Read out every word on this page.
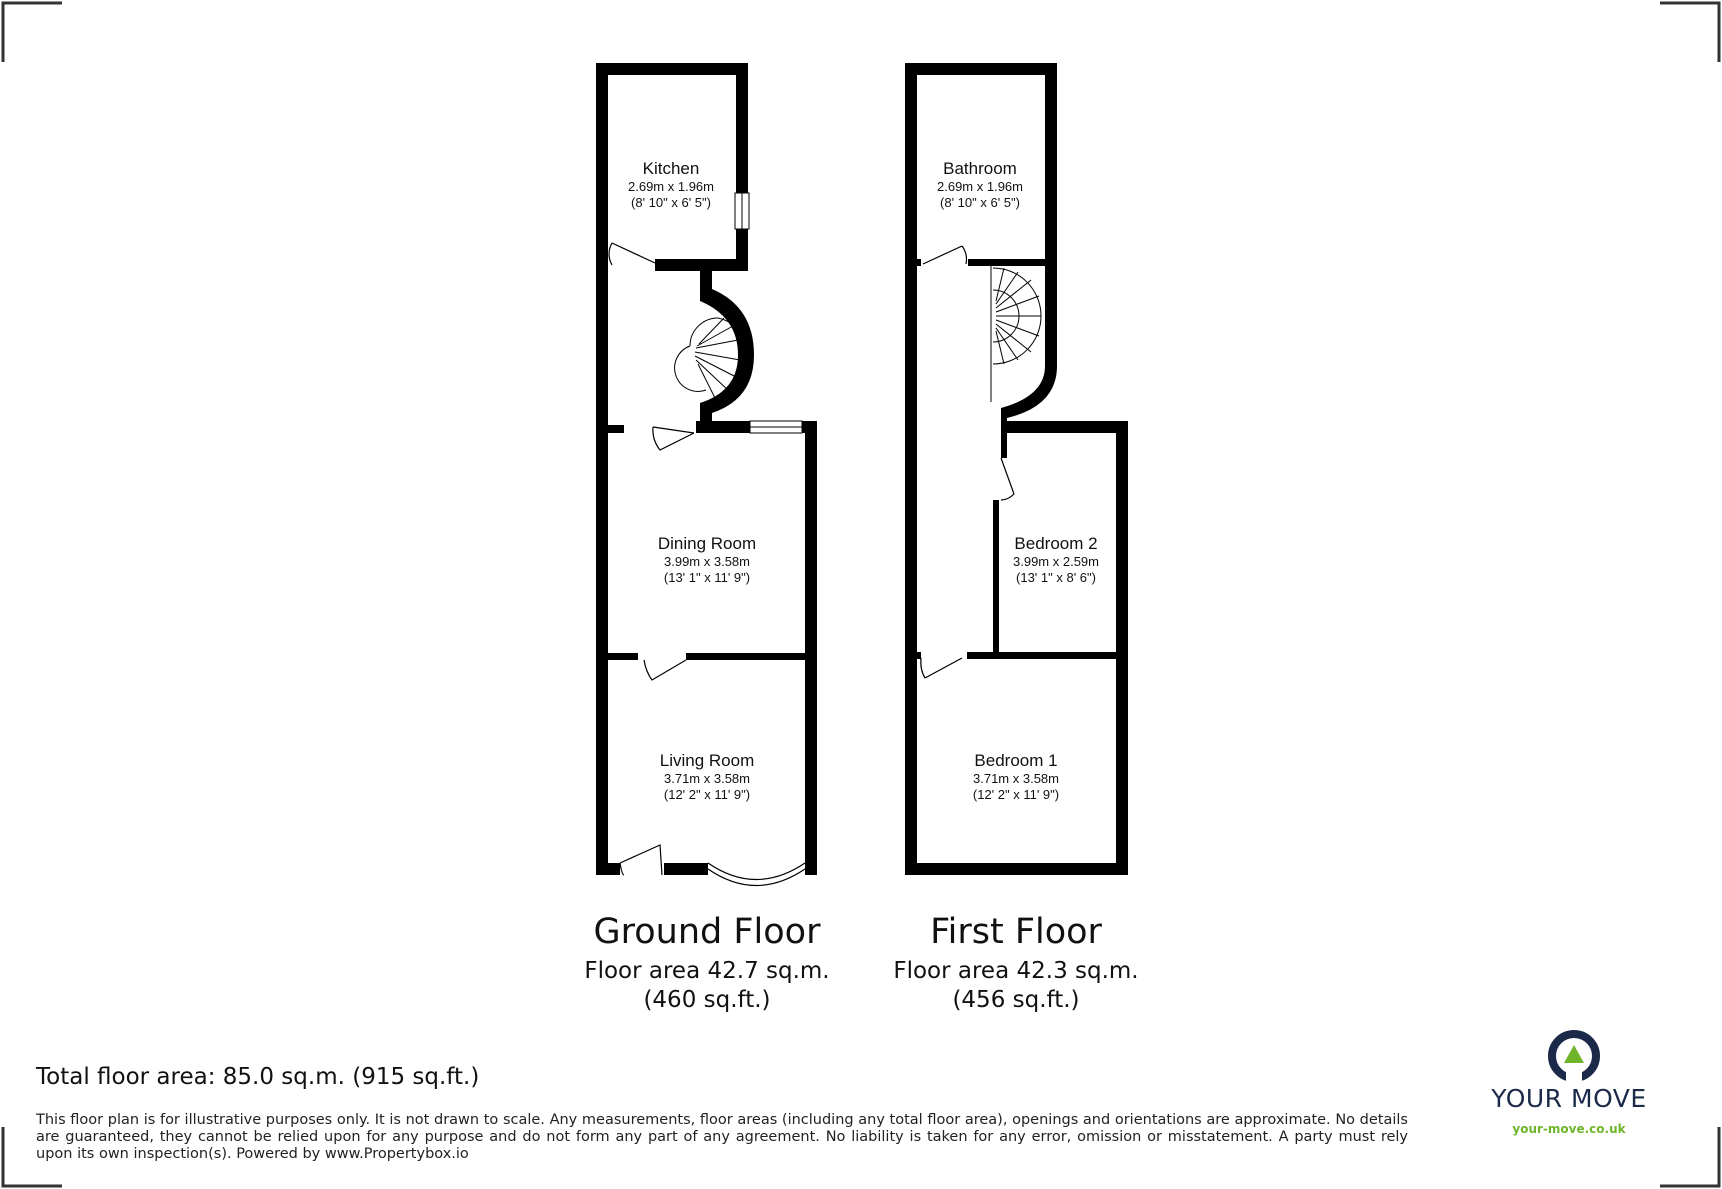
Kitchen
2.69m x 1.96m
(8' 10" x 6' 5")
Dining Room
3.99m x 3.58m
(13' 1" x 11' 9")
Living Room
3.71m x 3.58m
(12' 2" x 11' 9")
Ground Floor
Floor area 42.7 sq.m.
(460 sq.ft.)
Bathroom
2.69m x 1.96m
(8' 10" x 6' 5")
Bedroom 2
3.99m x 2.59m
(13' 1" x 8' 6")
Bedroom 1
3.71m x 3.58m
(12' 2" x 11' 9")
First Floor
Floor area 42.3 sq.m.
(456 sq.ft.)
Total floor area: 85.0 sq.m. (915 sq.ft.)
This floor plan is for illustrative purposes only. It is not drawn to scale. Any measurements, floor areas (including any total floor area), openings and orientations are approximate. No details are guaranteed, they cannot be relied upon for any purpose and do not form any part of any agreement. No liability is taken for any error, omission or misstatement. A party must rely upon its own inspection(s). Powered by www.Propertybox.io
YOUR MOVE
your-move.co.uk
